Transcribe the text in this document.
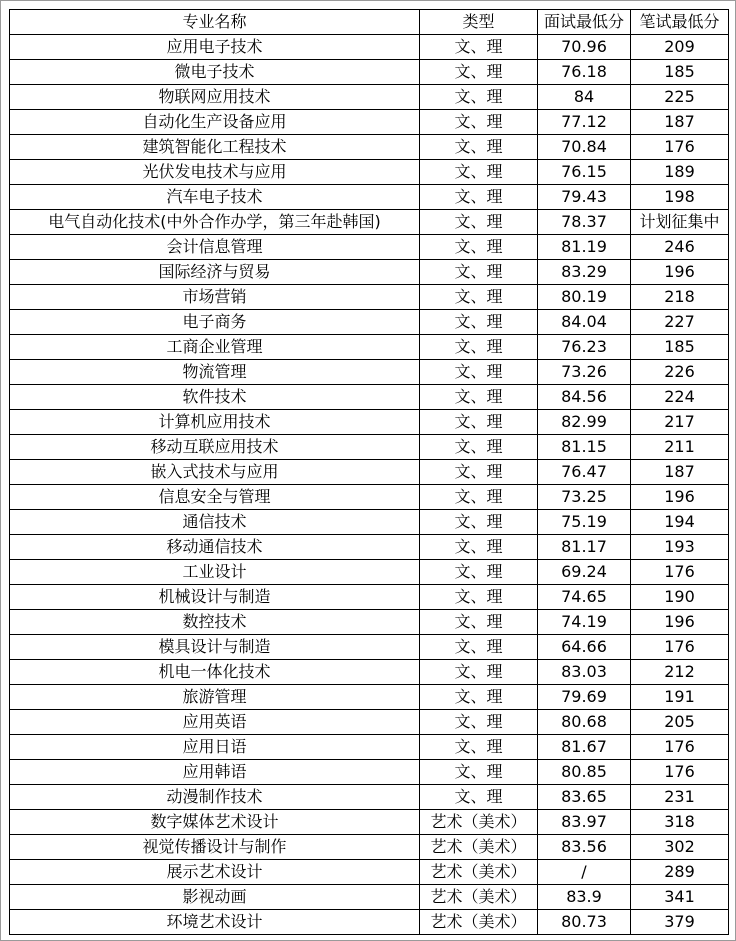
专业名称	类型	面试最低分	笔试最低分
应用电子技术	文、理	70.96	209
微电子技术	文、理	76.18	185
物联网应用技术	文、理	84	225
自动化生产设备应用	文、理	77.12	187
建筑智能化工程技术	文、理	70.84	176
光伏发电技术与应用	文、理	76.15	189
汽车电子技术	文、理	79.43	198
电气自动化技术(中外合作办学，第三年赴韩国)	文、理	78.37	计划征集中
会计信息管理	文、理	81.19	246
国际经济与贸易	文、理	83.29	196
市场营销	文、理	80.19	218
电子商务	文、理	84.04	227
工商企业管理	文、理	76.23	185
物流管理	文、理	73.26	226
软件技术	文、理	84.56	224
计算机应用技术	文、理	82.99	217
移动互联应用技术	文、理	81.15	211
嵌入式技术与应用	文、理	76.47	187
信息安全与管理	文、理	73.25	196
通信技术	文、理	75.19	194
移动通信技术	文、理	81.17	193
工业设计	文、理	69.24	176
机械设计与制造	文、理	74.65	190
数控技术	文、理	74.19	196
模具设计与制造	文、理	64.66	176
机电一体化技术	文、理	83.03	212
旅游管理	文、理	79.69	191
应用英语	文、理	80.68	205
应用日语	文、理	81.67	176
应用韩语	文、理	80.85	176
动漫制作技术	文、理	83.65	231
数字媒体艺术设计	艺术（美术）	83.97	318
视觉传播设计与制作	艺术（美术）	83.56	302
展示艺术设计	艺术（美术）	/	289
影视动画	艺术（美术）	83.9	341
环境艺术设计	艺术（美术）	80.73	379
